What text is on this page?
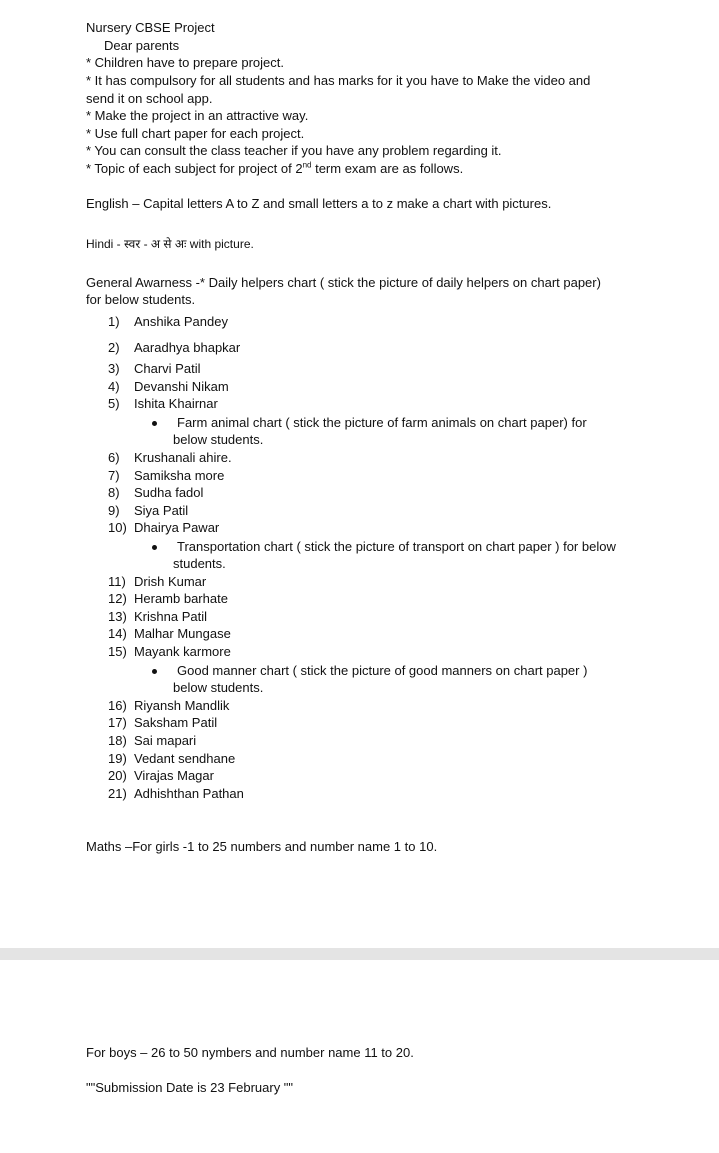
Nursery CBSE Project
Dear parents
* Children have to prepare project.
* It has compulsory for all students and has marks for it you have to Make the video and
send it on school app.
* Make the project in an attractive way.
* Use full chart paper for each project.
* You can consult the class teacher if you have any problem regarding it.
* Topic of each subject for project of 2nd term exam are as follows.
English – Capital letters A to Z and small letters a to z make a chart with pictures.
Hindi - स्वर - अ से अः with picture.
General Awarness -* Daily helpers chart ( stick the picture of daily helpers on chart paper)
for below students.
1) Anshika Pandey
2) Aaradhya bhapkar
3) Charvi Patil
4) Devanshi Nikam
5) Ishita Khairnar
Farm animal chart ( stick the picture of farm animals on chart paper) for
below students.
6) Krushanali ahire.
7) Samiksha more
8) Sudha fadol
9) Siya Patil
10) Dhairya Pawar
Transportation chart ( stick the picture of transport on chart paper ) for below
students.
11) Drish Kumar
12) Heramb barhate
13) Krishna Patil
14) Malhar Mungase
15) Mayank karmore
Good manner chart ( stick the picture of good manners on chart paper )
below students.
16) Riyansh Mandlik
17) Saksham Patil
18) Sai mapari
19) Vedant sendhane
20) Virajas Magar
21) Adhishthan Pathan
Maths –For girls -1 to 25 numbers and number name 1 to 10.
For boys – 26 to 50 nymbers and number name 11 to 20.
""Submission Date is 23 February ""
